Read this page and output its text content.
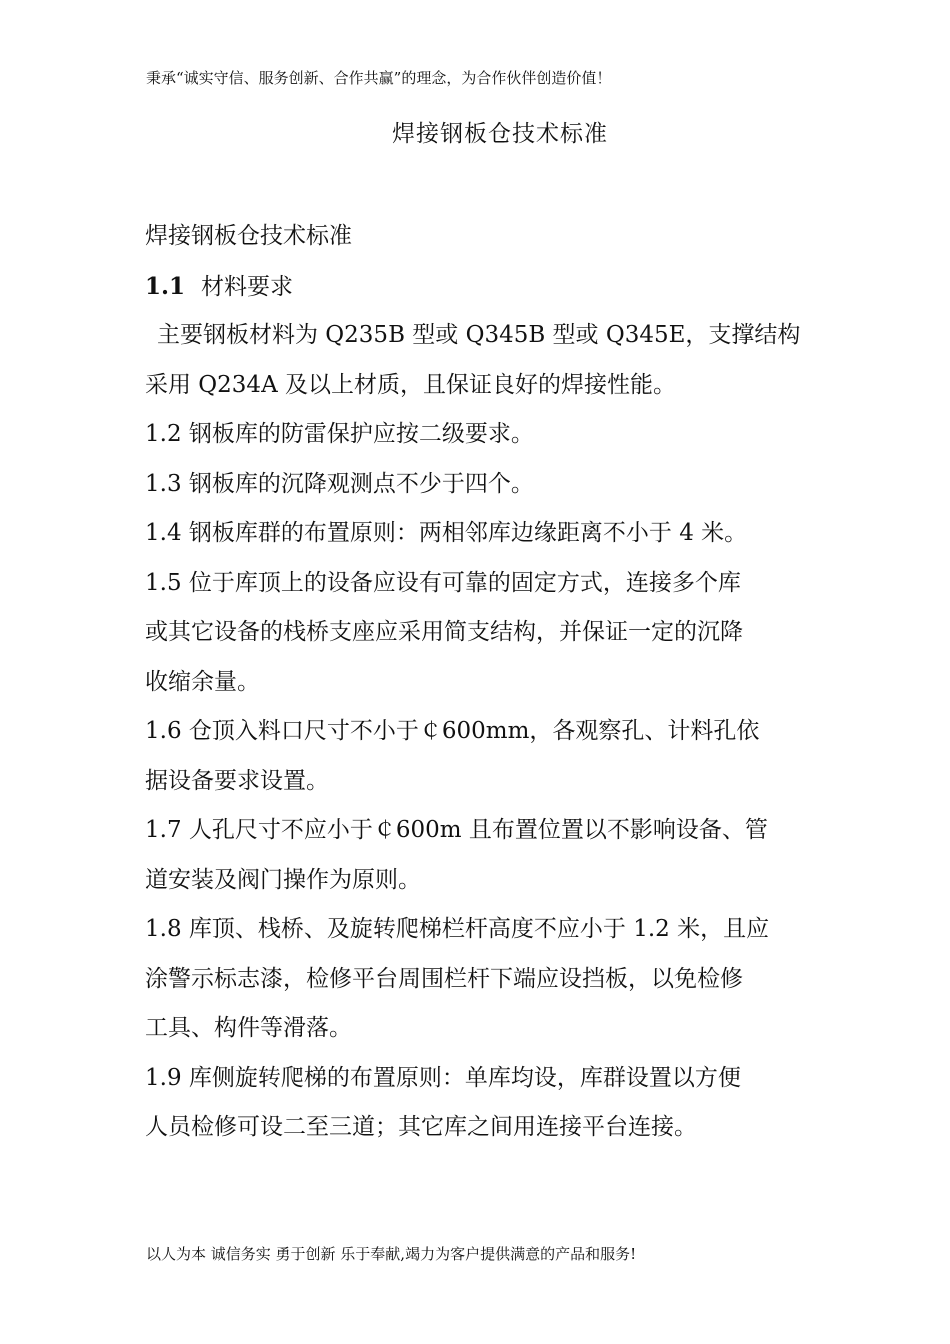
秉承“诚实守信、服务创新、合作共赢”的理念，为合作伙伴创造价值！
焊接钢板仓技术标准
焊接钢板仓技术标准
1.1 材料要求
主要钢板材料为 Q235B 型或 Q345B 型或 Q345E，支撑结构
采用 Q234A 及以上材质，且保证良好的焊接性能。
1.2 钢板库的防雷保护应按二级要求。
1.3 钢板库的沉降观测点不少于四个。
1.4 钢板库群的布置原则：两相邻库边缘距离不小于 4 米。
1.5 位于库顶上的设备应设有可靠的固定方式，连接多个库
或其它设备的栈桥支座应采用简支结构，并保证一定的沉降
收缩余量。
1.6 仓顶入料口尺寸不小于￠600mm，各观察孔、计料孔依
据设备要求设置。
1.7 人孔尺寸不应小于￠600m 且布置位置以不影响设备、管
道安装及阀门操作为原则。
1.8 库顶、栈桥、及旋转爬梯栏杆高度不应小于 1.2 米，且应
涂警示标志漆，检修平台周围栏杆下端应设挡板，以免检修
工具、构件等滑落。
1.9 库侧旋转爬梯的布置原则：单库均设，库群设置以方便
人员检修可设二至三道；其它库之间用连接平台连接。
以人为本 诚信务实 勇于创新 乐于奉献,竭力为客户提供满意的产品和服务!
